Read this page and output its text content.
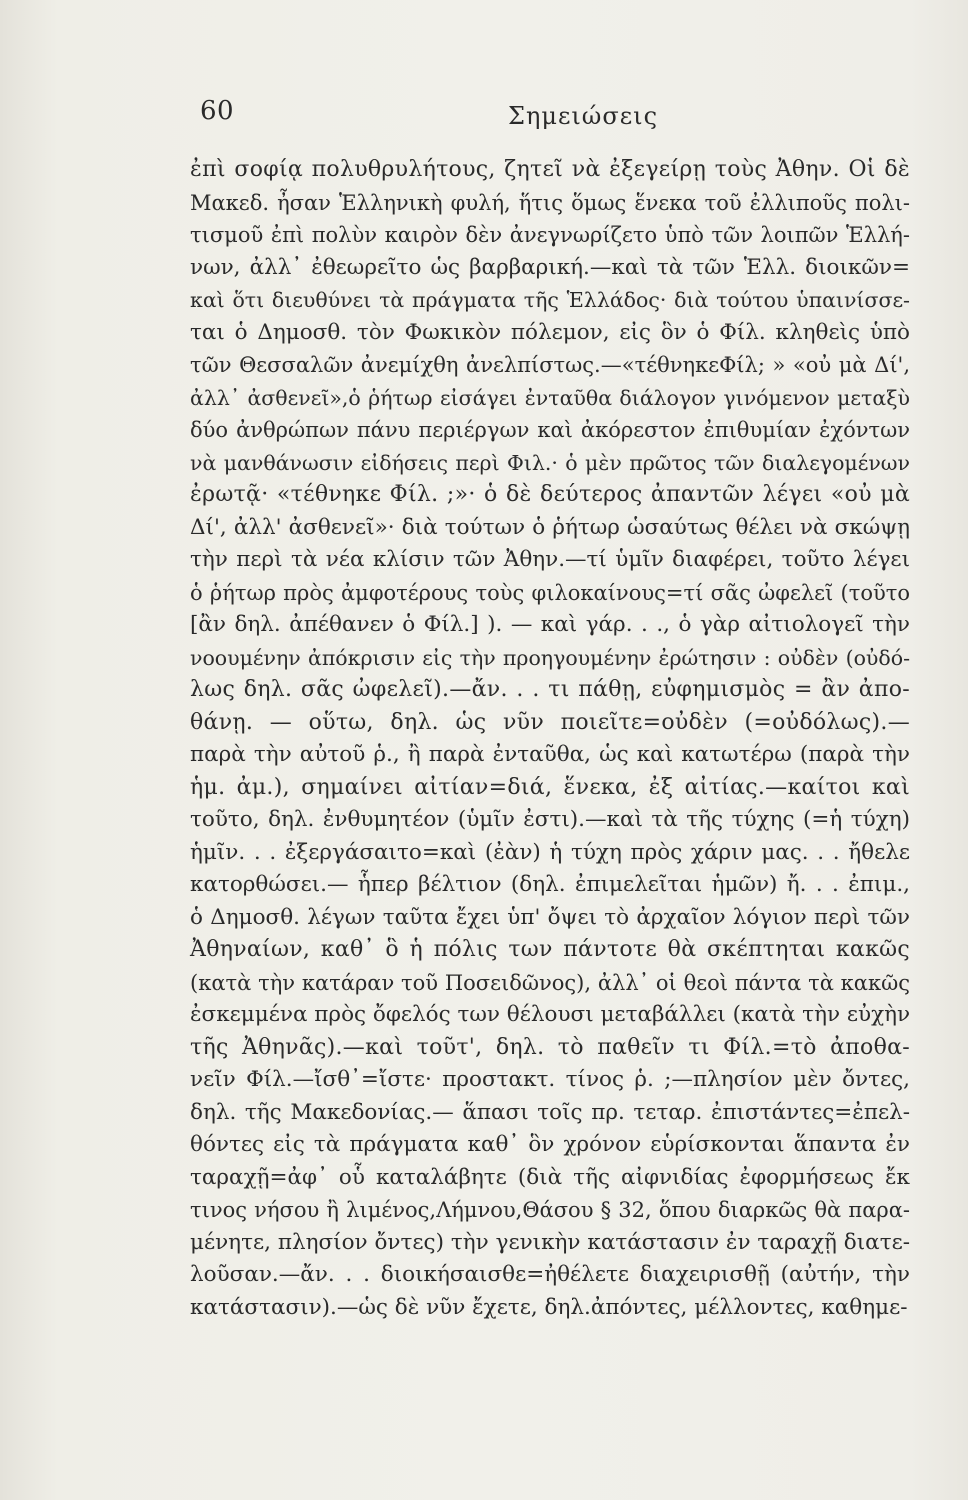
60	Σημειώσεις
ἐπὶ σοφίᾳ πολυθρυλήτους, ζητεῖ νὰ ἐξεγείρῃ τοὺς Ἀθην. Οἱ δὲ
Μακεδ. ἦσαν Ἑλληνικὴ φυλή, ἥτις ὅμως ἕνεκα τοῦ ἐλλιποῦς πολι-
τισμοῦ ἐπὶ πολὺν καιρὸν δὲν ἀνεγνωρίζετο ὑπὸ τῶν λοιπῶν Ἑλλή-
νων, ἀλλ᾽ ἐθεωρεῖτο ὡς βαρβαρική.—καὶ τὰ τῶν Ἑλλ. διοικῶν=
καὶ ὅτι διευθύνει τὰ πράγματα τῆς Ἑλλάδος· διὰ τούτου ὑπαινίσσε-
ται ὁ Δημοσθ. τὸν Φωκικὸν πόλεμον, εἰς ὃν ὁ Φίλ. κληθεὶς ὑπὸ
τῶν Θεσσαλῶν ἀνεμίχθη ἀνελπίστως.—«τέθνηκεΦίλ; » «οὐ μὰ Δί',
ἀλλ᾽ ἀσθενεῖ»,ὁ ῥήτωρ εἰσάγει ἐνταῦθα διάλογον γινόμενον μεταξὺ
δύο ἀνθρώπων πάνυ περιέργων καὶ ἀκόρεστον ἐπιθυμίαν ἐχόντων
νὰ μανθάνωσιν εἰδήσεις περὶ Φιλ.· ὁ μὲν πρῶτος τῶν διαλεγομένων
ἐρωτᾷ· «τέθνηκε Φίλ. ;»· ὁ δὲ δεύτερος ἀπαντῶν λέγει «οὐ μὰ
Δί', ἀλλ' ἀσθενεῖ»· διὰ τούτων ὁ ῥήτωρ ὡσαύτως θέλει νὰ σκώψῃ
τὴν περὶ τὰ νέα κλίσιν τῶν Ἀθην.—τί ὑμῖν διαφέρει, τοῦτο λέγει
ὁ ῥήτωρ πρὸς ἀμφοτέρους τοὺς φιλοκαίνους=τί σᾶς ὠφελεῖ (τοῦτο
[ἂν δηλ. ἀπέθανεν ὁ Φίλ.] ). — καὶ γάρ. . ., ὁ γὰρ αἰτιολογεῖ τὴν
νοουμένην ἀπόκρισιν εἰς τὴν προηγουμένην ἐρώτησιν : οὐδὲν (οὐδό-
λως δηλ. σᾶς ὠφελεῖ).—ἄν. . . τι πάθῃ, εὐφημισμὸς = ἂν ἀπο-
θάνῃ. — οὕτω, δηλ. ὡς νῦν ποιεῖτε=οὐδὲν (=οὐδόλως).—
παρὰ τὴν αὐτοῦ ῥ., ἢ παρὰ ἐνταῦθα, ὡς καὶ κατωτέρω (παρὰ τὴν
ἡμ. ἀμ.), σημαίνει αἰτίαν=διά, ἕνεκα, ἐξ αἰτίας.—καίτοι καὶ
τοῦτο, δηλ. ἐνθυμητέον (ὑμῖν ἐστι).—καὶ τὰ τῆς τύχης (=ἡ τύχη)
ἡμῖν. . . ἐξεργάσαιτο=καὶ (ἐὰν) ἡ τύχη πρὸς χάριν μας. . . ἤθελε
κατορθώσει.— ἧπερ βέλτιον (δηλ. ἐπιμελεῖται ἡμῶν) ἤ. . . ἐπιμ.,
ὁ Δημοσθ. λέγων ταῦτα ἔχει ὑπ' ὄψει τὸ ἀρχαῖον λόγιον περὶ τῶν
Ἀθηναίων, καθ᾽ ὃ ἡ πόλις των πάντοτε θὰ σκέπτηται κακῶς
(κατὰ τὴν κατάραν τοῦ Ποσειδῶνος), ἀλλ᾽ οἱ θεοὶ πάντα τὰ κακῶς
ἐσκεμμένα πρὸς ὄφελός των θέλουσι μεταβάλλει (κατὰ τὴν εὐχὴν
τῆς Ἀθηνᾶς).—καὶ τοῦτ', δηλ. τὸ παθεῖν τι Φίλ.=τὸ ἀποθα-
νεῖν Φίλ.—ἴσθ᾽=ἴστε· προστακτ. τίνος ῥ. ;—πλησίον μὲν ὄντες,
δηλ. τῆς Μακεδονίας.— ἅπασι τοῖς πρ. τεταρ. ἐπιστάντες=ἐπελ-
θόντες εἰς τὰ πράγματα καθ᾽ ὃν χρόνον εὑρίσκονται ἅπαντα ἐν
ταραχῇ=ἀφ᾽ οὗ καταλάβητε (διὰ τῆς αἰφνιδίας ἐφορμήσεως ἔκ
τινος νήσου ἢ λιμένος,Λήμνου,Θάσου § 32, ὅπου διαρκῶς θὰ παρα-
μένητε, πλησίον ὄντες) τὴν γενικὴν κατάστασιν ἐν ταραχῇ διατε-
λοῦσαν.—ἄν. . . διοικήσαισθε=ἠθέλετε διαχειρισθῇ (αὐτήν, τὴν
κατάστασιν).—ὡς δὲ νῦν ἔχετε, δηλ.ἀπόντες, μέλλοντες, καθημε-
